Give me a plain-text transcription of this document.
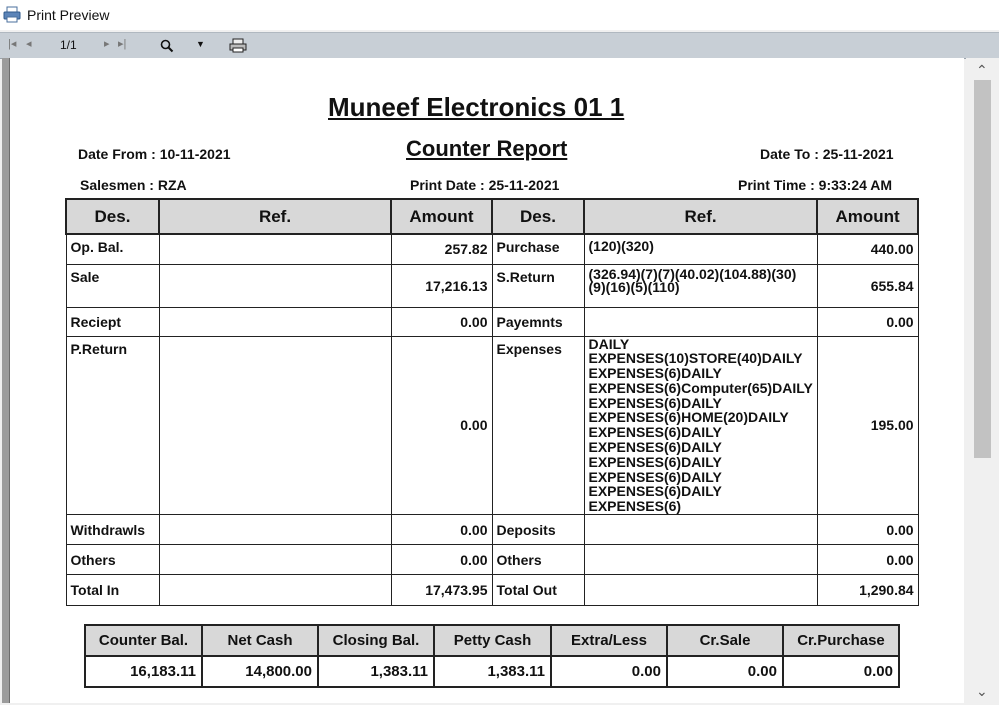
Print Preview
|◂ ◂ 1/1 ▸ ▸|	▼
Muneef Electronics 01 1
Counter Report
Date From : 10-11-2021	Date To : 25-11-2021
Salesmen : RZA	Print Date : 25-11-2021	Print Time : 9:33:24 AM
Des.	Ref.	Amount	Des.	Ref.	Amount
Op. Bal.		257.82	Purchase	(120)(320)	440.00
Sale		17,216.13	S.Return	(326.94)(7)(7)(40.02)(104.88)(30)(9)(16)(5)(110)	655.84
Reciept		0.00	Payemnts		0.00
P.Return		0.00	Expenses	DAILY EXPENSES(10)STORE(40)DAILY EXPENSES(6)DAILY EXPENSES(6)Computer(65)DAILY EXPENSES(6)DAILY EXPENSES(6)HOME(20)DAILY EXPENSES(6)DAILY EXPENSES(6)DAILY EXPENSES(6)DAILY EXPENSES(6)DAILY EXPENSES(6)DAILY EXPENSES(6)	195.00
Withdrawls		0.00	Deposits		0.00
Others		0.00	Others		0.00
Total In		17,473.95	Total Out		1,290.84
Counter Bal.	Net Cash	Closing Bal.	Petty Cash	Extra/Less	Cr.Sale	Cr.Purchase
16,183.11	14,800.00	1,383.11	1,383.11	0.00	0.00	0.00
⌃
⌄
